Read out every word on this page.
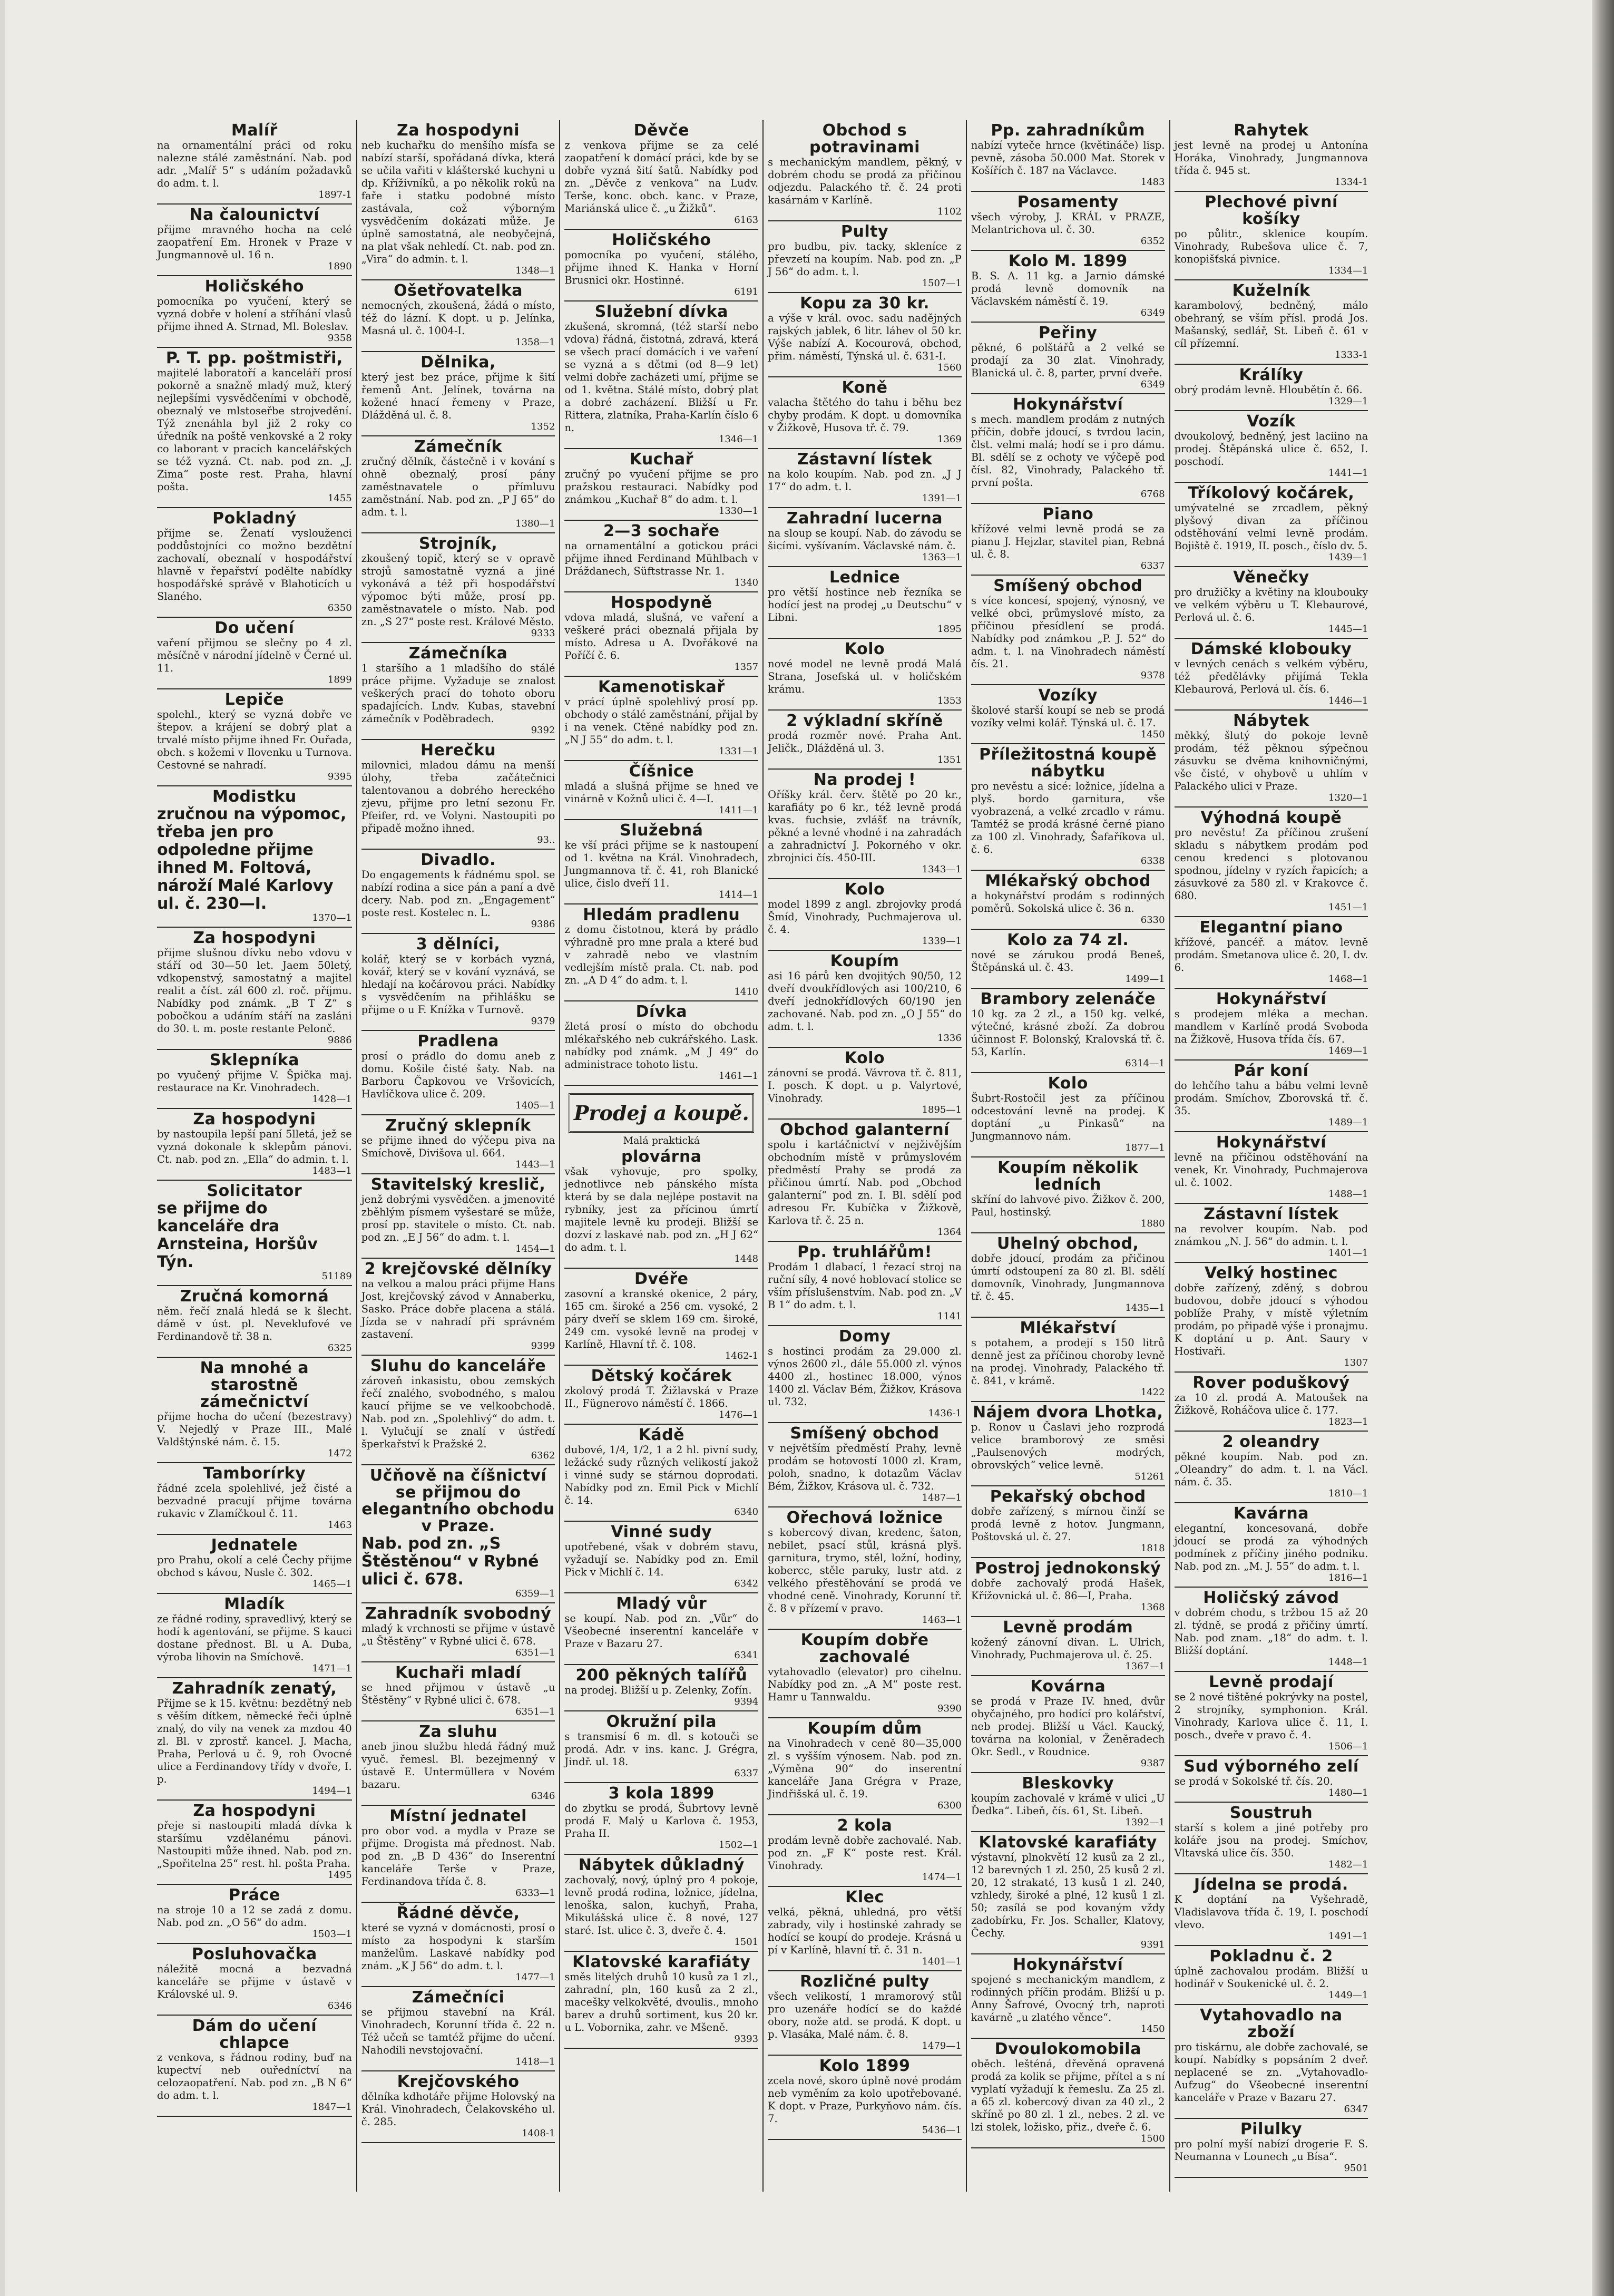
Malíř

na ornamentální práci od roku nalezne stálé zaměstnání. Nab. pod adr. „Malíř 5“ s udáním požadavků do adm. t. l.

1897-1
Na čalounictví

přijme mravného hocha na celé zaopatření Em. Hronek v Praze v Jungmannově ul. 16 n.

1890
Holičského

pomocníka po vyučení, který se vyzná dobře v holení a stříhání vlasů přijme ihned A. Strnad, Ml. Boleslav.

9358
P. T. pp. poštmistři,

majitelé laboratoří a kanceláří prosí pokorně a snažně mladý muž, který nejlepšími vysvědčeními v obchodě, obeznalý ve mlstoseřbe strojvedění. Týž znenáhla byl již 2 roky co úředník na poště venkovské a 2 roky co laborant v pracích kancelářských se též vyzná. Ct. nab. pod zn. „J. Zima“ poste rest. Praha, hlavní pošta.

1455
Pokladný

přijme se. Ženatí vyslouženci poddůstojníci co možno bezdětní zachovalí, obeznalí v hospodářství hlavně v řepařství podělte nabídky hospodářské správě v Blahoticích u Slaného.

6350
Do učení

vaření přijmou se slečny po 4 zl. měsíčně v národní jídelně v Černé ul. 11.

1899
Lepiče

spolehl., který se vyzná dobře ve štepov. a krájení se dobrý plat a trvalé místo přijme ihned Fr. Ouřada, obch. s kožemi v Ilovenku u Turnova. Cestovné se nahradí.

9395
Modistku

zručnou na výpomoc, třeba jen pro odpoledne přijme ihned M. Foltová, nároží Malé Karlovy ul. č. 230—I.

1370—1
Za hospodyni

přijme slušnou dívku nebo vdovu v stáří od 30—50 let. Jaem 50letý, vdkopenstvý, samostatný a majitel realit a číst. zál 600 zl. roč. příjmu. Nabídky pod známk. „B T Z“ s pobočkou a udáním stáří na zasláni do 30. t. m. poste restante Pelonč.

9886
Sklepníka

po vyučený přijme V. Špička maj. restaurace na Kr. Vinohradech.

1428—1
Za hospodyni

by nastoupila lepší paní 5lletá, jež se vyzná dokonale k sklepům pánovi. Ct. nab. pod zn. „Ella“ do admin. t. l.

1483—1
Solicitator

se přijme do kanceláře dra Arnsteina, Horšův Týn.

51189
Zručná komorná

něm. řečí znalá hledá se k šlecht. dámě v úst. pl. Neveklufové ve Ferdinandově tř. 38 n.

6325
Na mnohé a starostně zámečnictví

přijme hocha do učení (bezestravy) V. Nejedlý v Praze III., Malé Valdštýnské nám. č. 15.

1472
Tamborírky

řádné zcela spolehlivé, jež čisté a bezvadné pracují přijme továrna rukavic v Zlamíčkoul č. 11.

1463
Jednatele

pro Prahu, okolí a celé Čechy přijme obchod s kávou, Nusle č. 302.

1465—1
Mladík

ze řádné rodiny, spravedlivý, který se hodí k agentování, se přijme. S kauci dostane přednost. Bl. u A. Duba, výroba lihovin na Smíchově.

1471—1
Zahradník zenatý,

Přijme se k 15. květnu: bezdětný neb s věším dítkem, německé řeči úplně znalý, do vily na venek za mzdou 40 zl. Bl. v zprostř. kancel. J. Macha, Praha, Perlová u č. 9, roh Ovocné ulice a Ferdinandovy třídy v dvoře, I. p.

1494—1
Za hospodyni

přeje si nastoupiti mladá dívka k staršímu vzdělanému pánovi. Nastoupiti může ihned. Nab. pod zn. „Spořitelna 25“ rest. hl. pošta Praha.

1495
Práce

na stroje 10 a 12 se zadá z domu. Nab. pod zn. „O 56“ do adm.

1503—1
Posluhovačka

náležitě mocná a bezvadná kanceláře se přijme v ústavě v Královské ul. 9.

6346
Dám do učení chlapce

z venkova, s řádnou rodiny, buď na kupectví neb ouředníctví na celozaopatření. Nab. pod zn. „B N 6“ do adm. t. l.

1847—1
Za hospodyni

neb kuchařku do menšího mísfa se nabízí starší, spořádaná dívka, která se učila vařiti v klášterské kuchyni u dp. Kříživníků, a po několik roků na faře i statku podobné místo zastávala, což výborným vysvědčením dokázati může. Je úplně samostatná, ale neobyčejná, na plat však nehledí. Ct. nab. pod zn. „Vira“ do admin. t. l.

1348—1
Ošetřovatelka

nemocných, zkoušená, žádá o místo, též do lázní. K dopt. u p. Jelínka, Masná ul. č. 1004-I.

1358—1
Dělnika,

který jest bez práce, přijme k šití řemenů Ant. Jelínek, továrna na kožené hnací řemeny v Praze, Dlážděná ul. č. 8.

1352
Zámečník

zručný dělník, částečně i v kování s ohně obeznalý, prosí pány zaměstnavatele o přímluvu zaměstnání. Nab. pod zn. „P J 65“ do adm. t. l.

1380—1
Strojník,

zkoušený topič, který se v opravě strojů samostatně vyzná a jiné vykonává a též při hospodářství výpomoc býti může, prosí pp. zaměstnavatele o místo. Nab. pod zn. „S 27“ poste rest. Králové Město.

9333
Zámečníka

1 staršího a 1 mladšího do stálé práce přijme. Vyžaduje se znalost veškerých prací do tohoto oboru spadajících. Lndv. Kubas, stavební zámečník v Poděbradech.

9392
Herečku

milovnici, mladou dámu na menší úlohy, třeba začátečnici talentovanou a dobrého hereckého zjevu, přijme pro letní sezonu Fr. Pfeifer, rd. ve Volyni. Nastoupiti po připadě možno ihned.

93..
Divadlo.

Do engagements k řádnému spol. se nabízí rodina a sice pán a paní a dvě dcery. Nab. pod zn. „Engagement“ poste rest. Kostelec n. L.

9386
3 dělníci,

kolář, který se v korbách vyzná, kovář, který se v kování vyznává, se hledají na kočárovou práci. Nabídky s vysvědčením na přihlášku se přijme o u F. Knížka v Turnově.

9379
Pradlena

prosí o prádlo do domu aneb z domu. Košile čisté šaty. Nab. na Barboru Čapkovou ve Vršovicích, Havlíčkova ulice č. 209.

1405—1
Zručný sklepník

se přijme ihned do výčepu piva na Smíchově, Divišova ul. 664.

1443—1
Stavitelský kreslič,

jenž dobrými vysvědčen. a jmenovité zběhlým písmem vyšestaré se může, prosí pp. stavitele o místo. Ct. nab. pod zn. „E J 56“ do adm. t. l.

1454—1
2 krejčovské dělníky

na velkou a malou práci přijme Hans Jost, krejčovský závod v Annaberku, Sasko. Práce dobře placena a stálá. Jízda se v nahradí při správném zastavení.

9399
Sluhu do kanceláře

zároveň inkasistu, obou zemských řečí znalého, svobodného, s malou kaucí přijme se ve velkoobchodě. Nab. pod zn. „Spolehlivý“ do adm. t. l. Vylučují se znalí v ústředí šperkařství k Pražské 2.

6362
Učňově na číšnictví se přijmou do elegantního obchodu v Praze.

Nab. pod zn. „S Štěstěnou“ v Rybné ulici č. 678.

6359—1
Zahradník svobodný

mladý k vrchnosti se přijme v ústavě „u Štěstěny“ v Rybné ulici č. 678.

6351—1
Kuchaři mladí

se hned přijmou v ústavě „u Štěstěny“ v Rybné ulici č. 678.

6351—1
Za sluhu

aneb jinou službu hledá řádný muž vyuč. řemesl. Bl. bezejmenný v ústavě E. Untermüllera v Novém bazaru.

6346
Místní jednatel

pro obor vod. a mydla v Praze se přijme. Drogista má přednost. Nab. pod zn. „B D 436“ do Inserentní kanceláře Terše v Praze, Ferdinandova třída č. 8.

6333—1
Řádné děvče,

které se vyzná v domácnosti, prosí o místo za hospodyni k starším manželům. Laskavé nabídky pod znám. „K J 56“ do adm. t. l.

1477—1
Zámečníci

se přijmou stavební na Král. Vinohradech, Korunní třída č. 22 n. Též učeň se tamtéž přijme do učení. Nahodili nevstojovační.

1418—1
Krejčovského

dělníka kdhotáře přijme Holovský na Král. Vinohradech, Čelakovského ul. č. 285.

1408-1
Děvče

z venkova přijme se za celé zaopatření k domácí práci, kde by se dobře vyzná šití šatů. Nabídky pod zn. „Děvče z venkova“ na Ludv. Terše, konc. obch. kanc. v Praze, Mariánská ulice č. „u Žižků“.

6163
Holičského

pomocníka po vyučení, stálého, přijme ihned K. Hanka v Horní Brusnici okr. Hostinné.

6191
Služební dívka

zkušená, skromná, (též starší nebo vdova) řádná, čistotná, zdravá, která se všech prací domácích i ve vaření se vyzná a s dětmi (od 8—9 let) velmi dobře zacházeti umí, přijme se od 1. května. Stálé místo, dobrý plat a dobré zacházení. Bližší u Fr. Rittera, zlatníka, Praha-Karlín číslo 6 n.

1346—1
Kuchař

zručný po vyučení přijme se pro pražskou restauraci. Nabídky pod známkou „Kuchař 8“ do adm. t. l.

1330—1
2—3 sochaře

na ornamentální a gotickou práci přijme ihned Ferdinand Mühlbach v Dráždanech, Süftstrasse Nr. 1.

1340
Hospodyně

vdova mladá, slušná, ve vaření a veškeré práci obeznalá přijala by místo. Adresa u A. Dvořákové na Poříčí č. 6.

1357
Kamenotiskař

v prácí úplně spolehlivý prosí pp. obchody o stálé zaměstnání, přijal by i na venek. Ctěné nabídky pod zn. „N J 55“ do adm. t. l.

1331—1
Číšnice

mladá a slušná přijme se hned ve vinárně v Kožnů ulici č. 4—I.

1411—1
Služebná

ke vší práci přijme se k nastoupení od 1. května na Král. Vinohradech, Jungmannova tř. č. 41, roh Blanické ulice, čislo dveří 11.

1414—1
Hledám pradlenu

z domu čistotnou, která by prádlo výhradně pro mne prala a které bud v zahradě nebo ve vlastním vedlejším místě prala. Ct. nab. pod zn. „A D 4“ do adm. t. l.

1410
Dívka

žletá prosí o místo do obchodu mlékařského neb cukrářského. Lask. nabídky pod známk. „M J 49“ do administrace tohoto listu.

1461—1
Prodej a koupě.
Malá praktická
plovárna

však vyhovuje, pro spolky, jednotlivce neb pánského místa která by se dala nejlépe postavit na rybníky, jest za přícinou úmrtí majitele levně ku prodeji. Bližší se dozví z laskavé nab. pod zn. „H J 62“ do adm. t. l.

1448
Dvéře

zasovní a kranské okenice, 2 páry, 165 cm. široké a 256 cm. vysoké, 2 páry dveří se sklem 169 cm. široké, 249 cm. vysoké levně na prodej v Karlíně, Hlavní tř. č. 108.

1462-1
Dětský kočárek

zkolový prodá T. Žižlavská v Praze II., Fügnerovo náměstí č. 1866.

1476—1
Kádě

dubové, 1/4, 1/2, 1 a 2 hl. pivní sudy, ležácké sudy různých velikostí jakož i vinné sudy se stárnou doprodati. Nabídky pod zn. Emil Pick v Michlí č. 14.

6340
Vinné sudy

upotřebené, však v dobrém stavu, vyžadují se. Nabídky pod zn. Emil Pick v Michlí č. 14.

6342
Mladý vůr

se koupí. Nab. pod zn. „Vůr“ do Všeobecné inserentní kanceláře v Praze v Bazaru 27.

6341
200 pěkných talířů

na prodej. Bližší u p. Zelenky, Zofín.

9394
Okružní pila

s transmisí 6 m. dl. s kotouči se prodá. Adr. v ins. kanc. J. Grégra, Jindř. ul. 18.

6337
3 kola 1899

do zbytku se prodá, Šubrtovy levně prodá F. Malý u Karlova č. 1953, Praha II.

1502—1
Nábytek důkladný

zachovalý, nový, úplný pro 4 pokoje, levně prodá rodina, ložnice, jídelna, lenoška, salon, kuchyň, Praha, Mikulášská ulice č. 8 nové, 127 staré. Ist. ulice č. 3, dveře č. 4.

1501
Klatovské karafiáty

směs litelých druhů 10 kusů za 1 zl., zahradní, pln, 160 kusů za 2 zl., macešky velkokvěté, dvoulis., mnoho barev a druhů sortiment, kus 20 kr. u L. Vobornika, zahr. ve Mšeně.

9393
Obchod s potravinami

s mechanickým mandlem, pěkný, v dobrém chodu se prodá za přičinou odjezdu. Palackého tř. č. 24 proti kasárnám v Karlíně.

1102
Pulty

pro budbu, piv. tacky, skleníce z převzetí na koupím. Nab. pod zn. „P J 56“ do adm. t. l.

1507—1
Kopu za 30 kr.

a výše v král. ovoc. sadu nadějných rajských jablek, 6 litr. láhev ol 50 kr. Výše nabízí A. Kocourová, obchod, přim. náměstí, Týnská ul. č. 631-I.

1560
Koně

valacha štětého do tahu i běhu bez chyby prodám. K dopt. u domovníka v Žižkově, Husova tř. č. 79.

1369
Zástavní lístek

na kolo koupím. Nab. pod zn. „J J 17“ do adm. t. l.

1391—1
Zahradní lucerna

na sloup se koupí. Nab. do závodu se šicími. vyšívaním. Václavské nám. č.

1363—1
Lednice

pro větší hostince neb řezníka se hodící jest na prodej „u Deutschu“ v Libni.

1895
Kolo

nové model ne levně prodá Malá Strana, Josefská ul. v holičském krámu.

1353
2 výkladní skříně

prodá rozměr nové. Praha Ant. Jeličk., Dlážděná ul. 3.

1351
Na prodej !

Oříšky král. červ. štětě po 20 kr., karafiáty po 6 kr., též levně prodá kvas. fuchsie, zvlášť na trávník, pěkné a levné vhodné i na zahradách a zahradnictví J. Pokorného v okr. zbrojnici čís. 450-III.

1343—1
Kolo

model 1899 z angl. zbrojovky prodá Šmíd, Vinohrady, Puchmajerova ul. č. 4.

1339—1
Koupím

asi 16 párů ken dvojitých 90/50, 12 dveří dvoukřídlových asi 100/210, 6 dveří jednokřídlových 60/190 jen zachované. Nab. pod zn. „O J 55“ do adm. t. l.

1336
Kolo

zánovní se prodá. Vávrova tř. č. 811, I. posch. K dopt. u p. Valyrtové, Vinohrady.

1895—1
Obchod galanterní

spolu i kartáčnictví v nejživějším obchodním místě v průmyslovém předměstí Prahy se prodá za přičinou úmrtí. Nab. pod „Obchod galanterní“ pod zn. I. Bl. sdělí pod adresou Fr. Kubíčka v Žižkově, Karlova tř. č. 25 n.

1364
Pp. truhlářům!

Prodám 1 dlabací, 1 řezací stroj na ruční síly, 4 nové hoblovací stolice se vším příslušenstvím. Nab. pod zn. „V B 1“ do adm. t. l.

1141
Domy

s hostinci prodám za 29.000 zl. výnos 2600 zl., dále 55.000 zl. výnos 4400 zl., hostinec 18.000, výnos 1400 zl. Václav Bém, Žižkov, Krásova ul. 732.

1436-1
Smíšený obchod

v největším předměstí Prahy, levně prodám se hotovostí 1000 zl. Kram, poloh, snadno, k dotazům Václav Bém, Žižkov, Krásova ul. č. 732.

1487—1
Ořechová ložnice

s kobercový divan, kredenc, šaton, nebilet, psací stůl, krásná plyš. garnitura, trymo, stěl, ložní, hodiny, kobercc, stěle paruky, lustr atd. z velkého přestěhování se prodá ve vhodné ceně. Vinohrady, Korunní tř. č. 8 v přízemí v pravo.

1463—1
Koupím dobře zachovalé

vytahovadlo (elevator) pro cihelnu. Nabídky pod zn. „A M“ poste rest. Hamr u Tannwaldu.

9390
Koupím dům

na Vinohradech v ceně 80—35,000 zl. s vyšším výnosem. Nab. pod zn. „Výměna 90“ do inserentní kanceláře Jana Grégra v Praze, Jindřišská ul. č. 19.

6300
2 kola

prodám levně dobře zachovalé. Nab. pod zn. „F K“ poste rest. Král. Vinohrady.

1474—1
Klec

velká, pěkná, uhledná, pro větší zabrady, vily i hostinské zahrady se hodící se koupí do prodeje. Krásná u pí v Karlíně, hlavní tř. č. 31 n.

1401—1
Rozličné pulty

všech velikostí, 1 mramorový stůl pro uzenáře hodící se do každé obory, nože atd. se prodá. K dopt. u p. Vlasáka, Malé nám. č. 8.

1479—1
Kolo 1899

zcela nové, skoro úplně nové prodám neb vyměním za kolo upotřebované. K dopt. v Praze, Purkyňovo nám. čís. 7.

5436—1
Pp. zahradníkům

nabízí vyteče hrnce (květináče) lisp. pevně, zásoba 50.000 Mat. Storek v Košířích č. 187 na Václavce.

1483
Posamenty

všech výroby, J. KRÁL v PRAZE, Melantrichova ul. č. 30.

6352
Kolo M. 1899

B. S. A. 11 kg. a Jarnio dámské prodá levně domovník na Václavském náměstí č. 19.

6349
Peřiny

pěkné, 6 polštářů a 2 velké se prodají za 30 zlat. Vinohrady, Blanická ul. č. 8, parter, první dveře.

6349
Hokynářství

s mech. mandlem prodám z nutných příčin, dobře jdoucí, s tvrdou lacin, člst. velmi malá; hodí se i pro dámu. Bl. sdělí se z ochoty ve výčepě pod čísl. 82, Vinohrady, Palackého tř. první pošta.

6768
Piano

křížové velmi levně prodá se za pianu J. Hejzlar, stavitel pian, Rebná ul. č. 8.

6337
Smíšený obchod

s více koncesí, spojený, výnosný, ve velké obci, průmyslové místo, za příčinou přesídlení se prodá. Nabídky pod známkou „P. J. 52“ do adm. t. l. na Vinohradech náměstí čís. 21.

9378
Vozíky

školové starší koupí se neb se prodá vozíky velmi kolář. Týnská ul. č. 17.

1450
Příležitostná koupě nábytku

pro nevěstu a sicé: ložnice, jídelna a plyš. bordo garnitura, vše vyobrazená, a velké zrcadlo v rámu. Tamtéž se prodá krásné černé piano za 100 zl. Vinohrady, Šafaříkova ul. č. 6.

6338
Mlékařský obchod

a hokynářství prodám s rodinných poměrů. Sokolská ulice č. 36 n.

6330
Kolo za 74 zl.

nové se zárukou prodá Beneš, Štěpánská ul. č. 43.

1499—1
Brambory zelenáče

10 kg. za 2 zl., a 150 kg. velké, výtečné, krásné zboží. Za dobrou účinnost F. Bolonský, Kralovská tř. č. 53, Karlín.

6314—1
Kolo

Šubrt-Rostočil jest za příčinou odcestování levně na prodej. K doptání „u Pinkasů“ na Jungmannovo nám.

1877—1
Koupím několik ledních

skříní do lahvové pivo. Žižkov č. 200, Paul, hostinský.

1880
Uhelný obchod,

dobře jdoucí, prodám za přičinou úmrtí odstoupení za 80 zl. Bl. sdělí domovník, Vinohrady, Jungmannova tř. č. 45.

1435—1
Mlékařství

s potahem, a prodejí s 150 litrů denně jest za příčinou choroby levně na prodej. Vinohrady, Palackého tř. č. 841, v krámě.

1422
Nájem dvora Lhotka,

p. Ronov u Časlavi jeho rozprodá velice bramborový ze směsi „Paulsenových modrých, obrovských“ velice levně.

51261
Pekařský obchod

dobře zařízený, s mírnou činží se prodá levně z hotov. Jungmann, Poštovská ul. č. 27.

1818
Postroj jednokonský

dobře zachovalý prodá Hašek, Křížovnická ul. č. 86—I, Praha.

1368
Levně prodám

kožený zánovní divan. L. Ulrich, Vinohrady, Puchmajerova ul. č. 25.

1367—1
Kovárna

se prodá v Praze IV. hned, dvůr obyčajného, pro hodící pro kolářství, neb prodej. Bližší u Václ. Kaucký, továrna na kolonial, v Ženěradech Okr. Sedl., v Roudnice.

9387
Bleskovky

koupím zachovalé v krámě v ulici „U Ďedka“. Libeň, čís. 61, St. Libeň.

1392—1
Klatovské karafiáty

výstavní, plnokvětí 12 kusů za 2 zl., 12 barevných 1 zl. 250, 25 kusů 2 zl. 20, 12 strakaté, 13 kusů 1 zl. 240, vzhledy, široké a plné, 12 kusů 1 zl. 50; zasílá se pod kovaným vždy zadobírku, Fr. Jos. Schaller, Klatovy, Čechy.

9391
Hokynářství

spojené s mechanickým mandlem, z rodinných příčin prodám. Bližší u p. Anny Šafrové, Ovocný trh, naproti kavárně „u zlatého věnce“.

1450
Dvoulokomobila

oběch. lešténá, dřevěná opravená prodá za kolik se přijme, přítel a s ní vyplatí vyžadují k řemeslu. Za 25 zl. a 65 zl. kobercový divan za 40 zl., 2 skříně po 80 zl. 1 zl., nebes. 2 zl. ve lzi stolek, ložisko, přiz., dveře č. 6.

1500
Rahytek

jest levně na prodej u Antonína Horáka, Vinohrady, Jungmannova třída č. 945 st.

1334-1
Plechové pivní košíky

po půlitr., sklenice koupím. Vinohrady, Rubešova ulice č. 7, konopišťská pivnice.

1334—1
Kuželník

karambolový, bedněný, málo obehraný, se vším přísl. prodá Jos. Mašanský, sedlář, St. Libeň č. 61 v cíl přízemní.

1333-1
Králíky

obrý prodám levně. Hloubětín č. 66.

1329—1
Vozík

dvoukolový, bedněný, jest laciino na prodej. Štěpánská ulice č. 652, I. poschodí.

1441—1
Tříkolový kočárek,

umývatelné se zrcadlem, pěkný plyšový divan za příčinou odstěhování velmi levně prodám. Bojiště č. 1919, II. posch., číslo dv. 5.

1439—1
Věnečky

pro družičky a květiny na kloubouky ve velkém výběru u T. Klebaurové, Perlová ul. č. 6.

1445—1
Dámské klobouky

v levných cenách s velkém výběru, též předělávky přijímá Tekla Klebaurová, Perlová ul. čís. 6.

1446—1
Nábytek

měkký, šlutý do pokoje levně prodám, též pěknou sýpečnou zásuvku se dvěma knihovničnými, vše čisté, v ohybově u uhlím v Palackého ulici v Praze.

1320—1
Výhodná koupě

pro nevěstu! Za příčinou zrušení skladu s nábytkem prodám pod cenou kredenci s plotovanou spodnou, jídelny v ryzích řapicích; a zásuvkové za 580 zl. v Krakovce č. 680.

1451—1
Elegantní piano

křížové, pancéř. a mátov. levně prodám. Smetanova ulice č. 20, I. dv. 6.

1468—1
Hokynářství

s prodejem mléka a mechan. mandlem v Karlíně prodá Svoboda na Žižkově, Husova třída čís. 67.

1469—1
Pár koní

do lehčího tahu a bábu velmi levně prodám. Smíchov, Zborovská tř. č. 35.

1489—1
Hokynářství

levně na přičinou odstěhování na venek, Kr. Vinohrady, Puchmajerova ul. č. 1002.

1488—1
Zástavní lístek

na revolver koupím. Nab. pod známkou „N. J. 56“ do admin. t. l.

1401—1
Velký hostinec

dobře zařízený, zděný, s dobrou budovou, dobře jdoucí s výhodou poblíže Prahy, v místě výletním prodám, po připadě výše i pronajmu. K doptání u p. Ant. Saury v Hostivaři.

1307
Rover poduškový

za 10 zl. prodá A. Matoušek na Žižkově, Roháčova ulice č. 177.

1823—1
2 oleandry

pěkné koupím. Nab. pod zn. „Oleandry“ do adm. t. l. na Václ. nám. č. 35.

1810—1
Kavárna

elegantní, koncesovaná, dobře jdoucí se prodá za výhodných podmínek z příčiny jiného podniku. Nab. pod zn. „M. J. 55“ do adm. t. l.

1816—1
Holičský závod

v dobrém chodu, s tržbou 15 až 20 zl. týdně, se prodá z přičiny úmrtí. Nab. pod znam. „18“ do adm. t. l. Bližší doptání.

1448—1
Levně prodají

se 2 nové tištěné pokrývky na postel, 2 strojníky, symphonion. Král. Vinohrady, Karlova ulice č. 11, I. posch., dveře v pravo č. 4.

1506—1
Sud výborného zelí

se prodá v Sokolské tř. čís. 20.

1480—1
Soustruh

starší s kolem a jiné potřeby pro koláře jsou na prodej. Smíchov, Vltavská ulice čís. 350.

1482—1
Jídelna se prodá.

K doptání na Vyšehradě, Vladislavova třída č. 19, I. poschodí vlevo.

1491—1
Pokladnu č. 2

úplně zachovalou prodám. Bližší u hodinář v Soukenické ul. č. 2.

1449—1
Vytahovadlo na zboží

pro tiskárnu, ale dobře zachovalé, se koupí. Nabídky s popsáním 2 dveř. neplacené se zn. „Vytahovadlo-Aufzug“ do Všeobecné inserentní kanceláře v Praze v Bazaru 27.

6347
Pilulky

pro polní myší nabízí drogerie F. S. Neumanna v Lounech „u Bísa“.

9501
